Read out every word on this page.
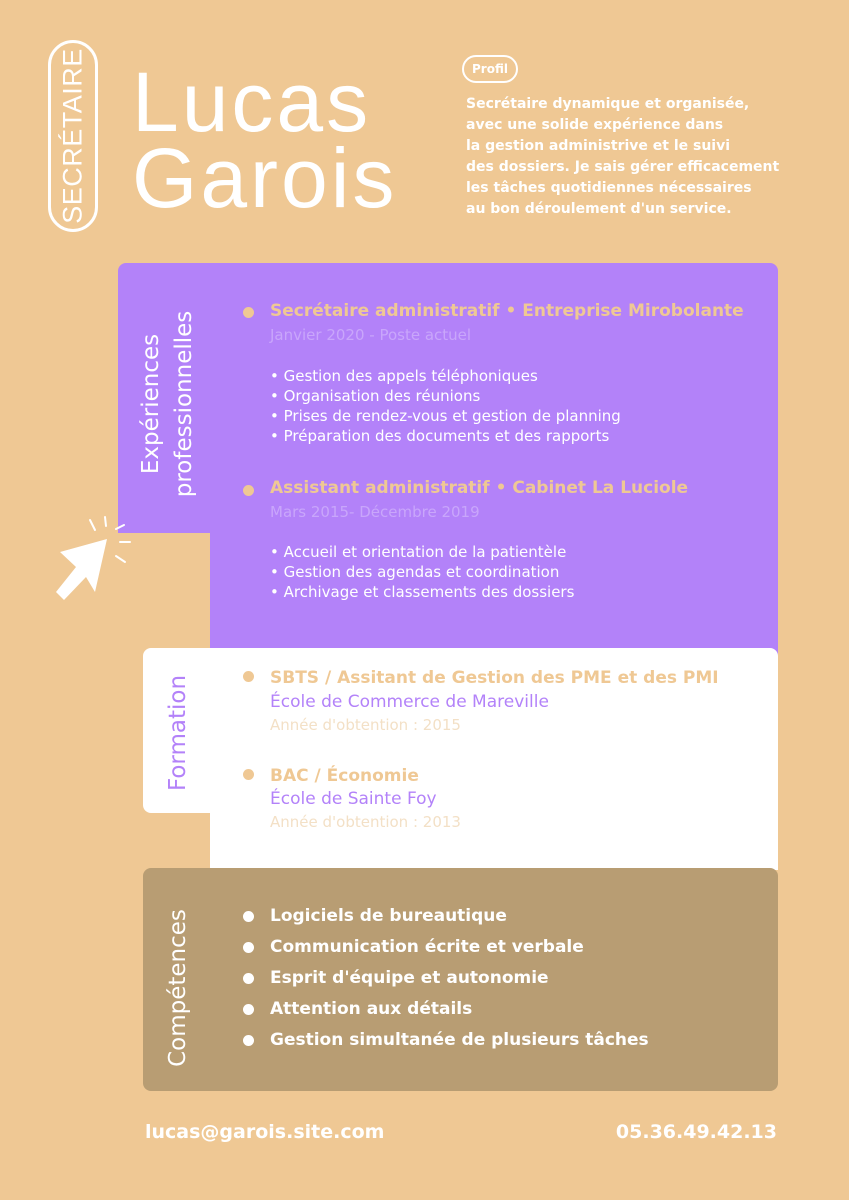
SECRÉTAIRE Lucas
Garois
Profil
Secrétaire dynamique et organisée,
avec une solide expérience dans
la gestion administrive et le suivi
des dossiers. Je sais gérer efficacement
les tâches quotidiennes nécessaires
au bon déroulement d'un service.
Expériences professionnelles	Secrétaire administratif • Entreprise Mirobolante
Janvier 2020 - Poste actuel
• Gestion des appels téléphoniques
• Organisation des réunions
• Prises de rendez-vous et gestion de planning
• Préparation des documents et des rapports
Assistant administratif • Cabinet La Luciole
Mars 2015- Décembre 2019
• Accueil et orientation de la patientèle
• Gestion des agendas et coordination
• Archivage et classements des dossiers
Formation	SBTS / Assitant de Gestion des PME et des PMI
École de Commerce de Mareville
Année d'obtention : 2015
BAC / Économie
École de Sainte Foy
Année d'obtention : 2013
Compétences	Logiciels de bureautique
Communication écrite et verbale
Esprit d'équipe et autonomie
Attention aux détails
Gestion simultanée de plusieurs tâches
lucas@garois.site.com	05.36.49.42.13
